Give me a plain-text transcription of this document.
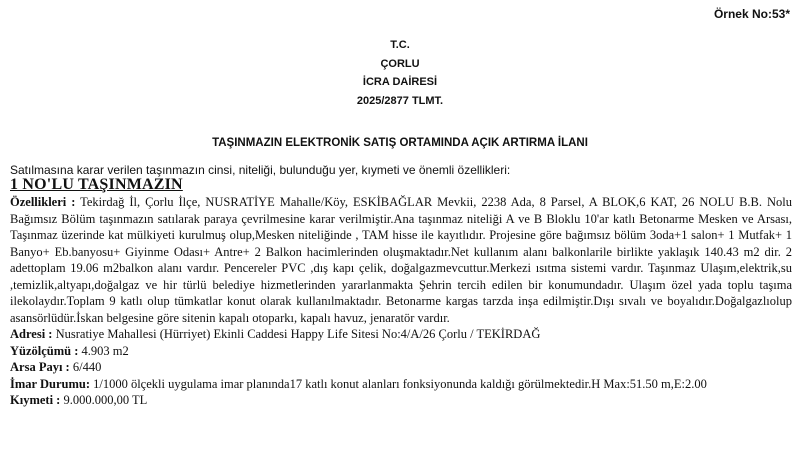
Örnek No:53*
T.C.
ÇORLU
İCRA DAİRESİ
2025/2877 TLMT.
TAŞINMAZIN ELEKTRONİK SATIŞ ORTAMINDA AÇIK ARTIRMA İLANI
Satılmasına karar verilen taşınmazın cinsi, niteliği, bulunduğu yer, kıymeti ve önemli özellikleri:
1 NO'LU TAŞINMAZIN

Özellikleri : Tekirdağ İl, Çorlu İlçe, NUSRATİYE Mahalle/Köy, ESKİBAĞLAR Mevkii, 2238 Ada, 8 Parsel, A BLOK,6 KAT, 26 NOLU B.B. Nolu Bağımsız Bölüm taşınmazın satılarak paraya çevrilmesine karar verilmiştir.Ana taşınmaz niteliği A ve B Bloklu 10'ar katlı Betonarme Mesken ve Arsası, Taşınmaz üzerinde kat mülkiyeti kurulmuş olup,Mesken niteliğinde , TAM hisse ile kayıtlıdır. Projesine göre bağımsız bölüm 3oda+1 salon+ 1 Mutfak+ 1 Banyo+ Eb.banyosu+ Giyinme Odası+ Antre+ 2 Balkon hacimlerinden oluşmaktadır.Net kullanım alanı balkonlarile birlikte yaklaşık 140.43 m2 dir. 2 adettoplam 19.06 m2balkon alanı vardır. Pencereler PVC ,dış kapı çelik, doğalgazmevcuttur.Merkezi ısıtma sistemi vardır. Taşınmaz Ulaşım,elektrik,su ,temizlik,altyapı,doğalgaz ve hir türlü belediye hizmetlerinden yararlanmakta Şehrin tercih edilen bir konumundadır. Ulaşım özel yada toplu taşıma ilekolaydır.Toplam 9 katlı olup tümkatlar konut olarak kullanılmaktadır. Betonarme kargas tarzda inşa edilmiştir.Dışı sıvalı ve boyalıdır.Doğalgazlıolup asansörlüdür.İskan belgesine göre sitenin kapalı otoparkı, kapalı havuz, jenaratör vardır.

Adresi : Nusratiye Mahallesi (Hürriyet) Ekinli Caddesi Happy Life Sitesi No:4/A/26 Çorlu / TEKİRDAĞ

Yüzölçümü : 4.903 m2

Arsa Payı : 6/440

İmar Durumu: 1/1000 ölçekli uygulama imar planında17 katlı konut alanları fonksiyonunda kaldığı görülmektedir.H Max:51.50 m,E:2.00

Kıymeti : 9.000.000,00 TL
